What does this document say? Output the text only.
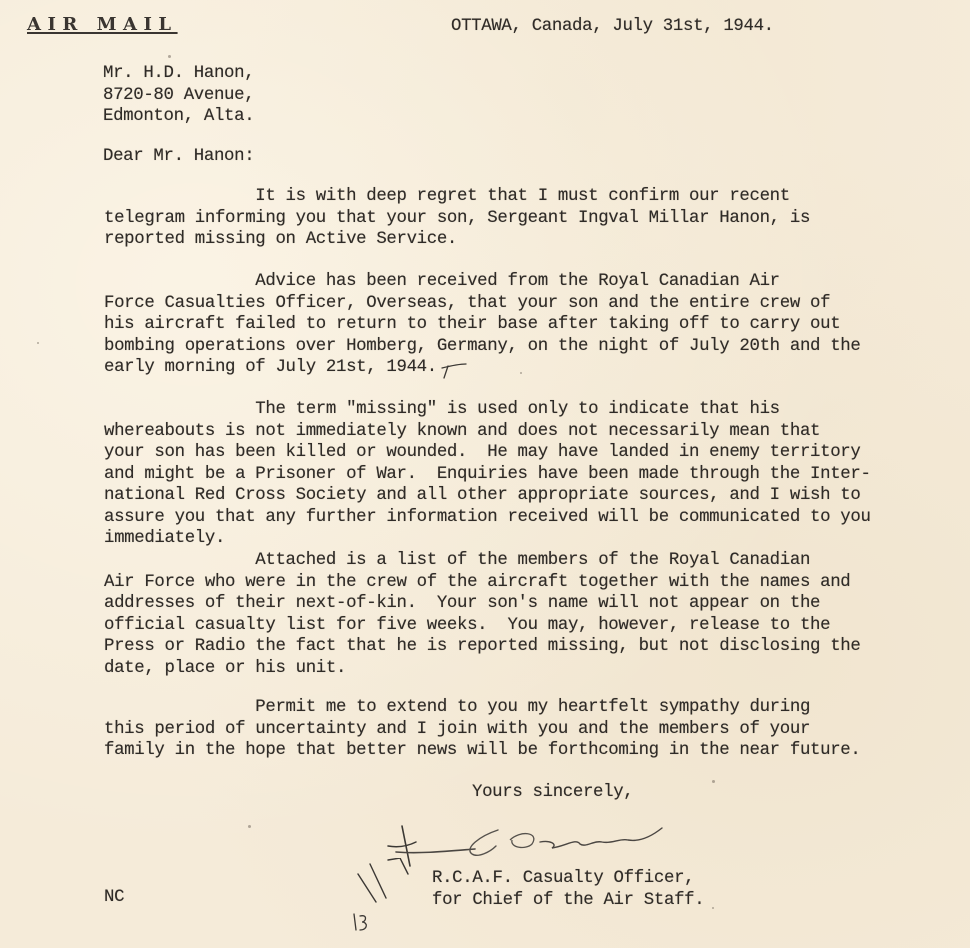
AIR MAIL	OTTAWA, Canada, July 31st, 1944.
Mr. H.D. Hanon,
8720-80 Avenue,
Edmonton, Alta.
Dear Mr. Hanon:
It is with deep regret that I must confirm our recent
telegram informing you that your son, Sergeant Ingval Millar Hanon, is
reported missing on Active Service.
Advice has been received from the Royal Canadian Air
Force Casualties Officer, Overseas, that your son and the entire crew of
his aircraft failed to return to their base after taking off to carry out
bombing operations over Homberg, Germany, on the night of July 20th and the
early morning of July 21st, 1944.
The term "missing" is used only to indicate that his
whereabouts is not immediately known and does not necessarily mean that
your son has been killed or wounded.  He may have landed in enemy territory
and might be a Prisoner of War.  Enquiries have been made through the Inter-
national Red Cross Society and all other appropriate sources, and I wish to
assure you that any further information received will be communicated to you
immediately.
Attached is a list of the members of the Royal Canadian
Air Force who were in the crew of the aircraft together with the names and
addresses of their next-of-kin.  Your son's name will not appear on the
official casualty list for five weeks.  You may, however, release to the
Press or Radio the fact that he is reported missing, but not disclosing the
date, place or his unit.
Permit me to extend to you my heartfelt sympathy during
this period of uncertainty and I join with you and the members of your
family in the hope that better news will be forthcoming in the near future.
Yours sincerely,
R.C.A.F. Casualty Officer,
for Chief of the Air Staff.
NC
